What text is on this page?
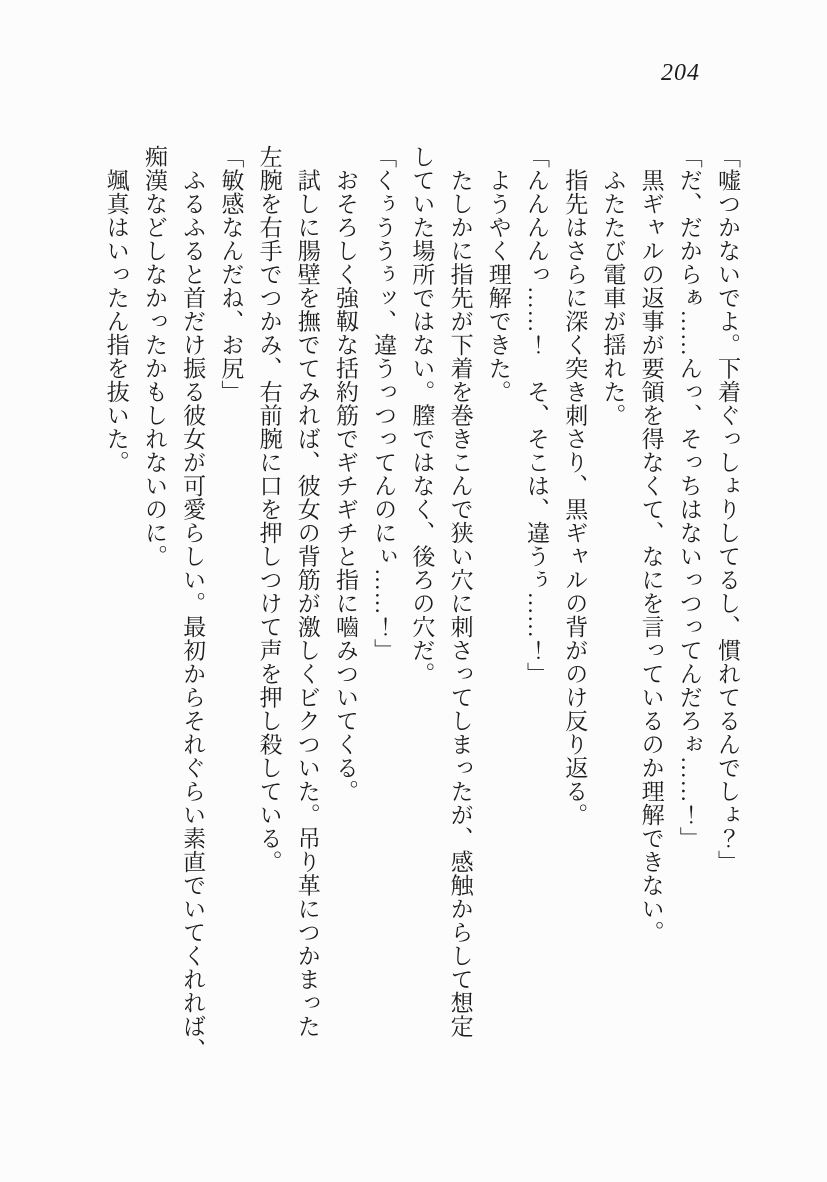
204

「嘘つかないでよ。下着ぐっしょりしてるし、慣れてるんでしょ？」

「だ、だからぁ……んっ、そっちはないっつってんだろぉ……！」

　黒ギャルの返事が要領を得なくて、なにを言っているのか理解できない。

　ふたたび電車が揺れた。

　指先はさらに深く突き刺さり、黒ギャルの背がのけ反り返る。

「んんんんっ……！　そ、そこは、違うぅ……！」

　ようやく理解できた。

　たしかに指先が下着を巻きこんで狭い穴に刺さってしまったが、感触からして想定

していた場所ではない。膣ではなく、後ろの穴だ。

「くぅううぅッ、違うっつってんのにぃ……！」

　おそろしく強靱な括約筋でギチギチと指に嚙みついてくる。

　試しに腸壁を撫でてみれば、彼女の背筋が激しくビクついた。吊り革につかまった

左腕を右手でつかみ、右前腕に口を押しつけて声を押し殺している。

「敏感なんだね、お尻」

　ふるふると首だけ振る彼女が可愛らしい。最初からそれぐらい素直でいてくれれば、

痴漢などしなかったかもしれないのに。

　颯真はいったん指を抜いた。
